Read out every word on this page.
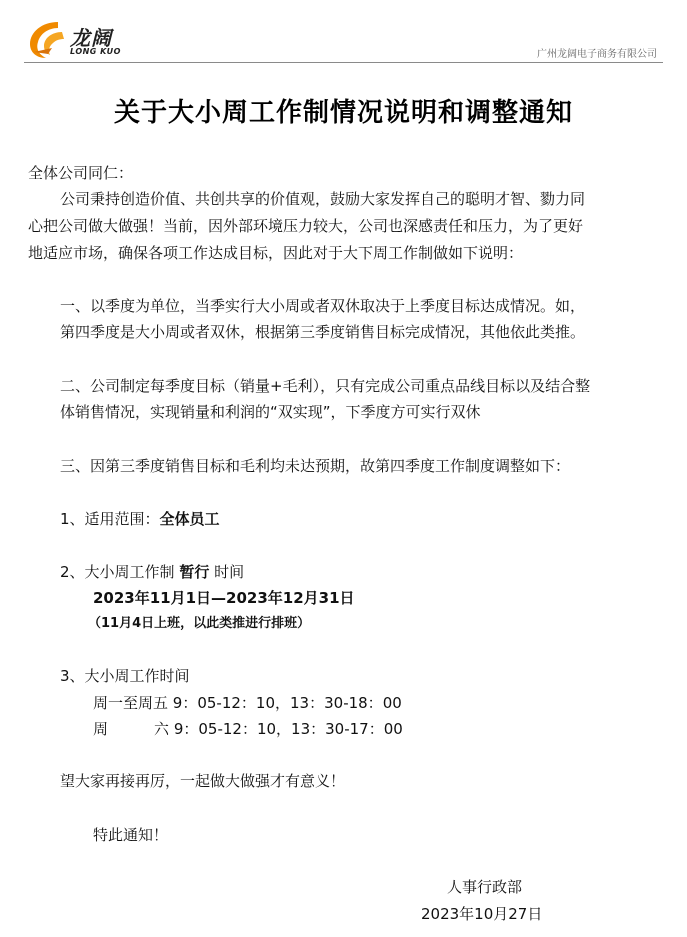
龙阔
LONG KUO	广州龙阔电子商务有限公司
关于大小周工作制情况说明和调整通知
全体公司同仁：
公司秉持创造价值、共创共享的价值观，鼓励大家发挥自己的聪明才智、勠力同
心把公司做大做强！当前，因外部环境压力较大，公司也深感责任和压力，为了更好
地适应市场，确保各项工作达成目标，因此对于大下周工作制做如下说明：
一、以季度为单位，当季实行大小周或者双休取决于上季度目标达成情况。如，
第四季度是大小周或者双休，根据第三季度销售目标完成情况，其他依此类推。
二、公司制定每季度目标（销量+毛利），只有完成公司重点品线目标以及结合整
体销售情况，实现销量和利润的“双实现”，下季度方可实行双休
三、因第三季度销售目标和毛利均未达预期，故第四季度工作制度调整如下：
1、适用范围：全体员工
2、大小周工作制 暂行 时间
2023年11月1日—2023年12月31日
（11月4日上班，以此类推进行排班）
3、大小周工作时间
周一至周五 9：05-12：10，13：30-18：00
周	六 9：05-12：10，13：30-17：00
望大家再接再厉，一起做大做强才有意义！
特此通知！
人事行政部
2023年10月27日
